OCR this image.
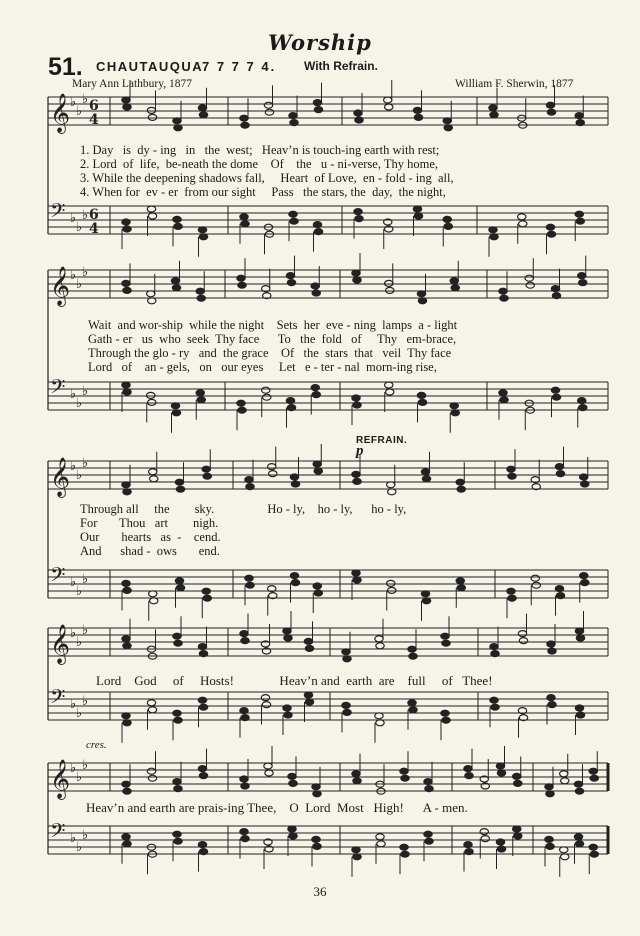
Worship
51. CHAUTAUQUA
7 7 7 7 4. With Refrain.
Mary Ann Lathbury, 1877	William F. Sherwin, 1877
𝄞 ♭
♭
♭ 6
4
𝄢 ♭
♭
♭ 6
4
𝄞 ♭
♭
♭
𝄢 ♭
♭
♭
𝄞 ♭
♭
♭
𝄢 ♭
♭
♭
𝄞 ♭
♭
♭
𝄢 ♭
♭
♭
𝄞 ♭
♭
♭
𝄢 ♭
♭
♭
1. Day   is  dy - ing   in   the  west;   Heav’n is touch-ing earth with rest;
2. Lord  of  life,  be-neath the dome    Of    the   u - ni-verse, Thy home,
3. While the deepening shadows fall,     Heart  of Love,  en - fold - ing  all,
4. When for  ev - er  from our sight     Pass   the stars, the  day,  the night,
Wait  and wor-ship  while the night    Sets  her  eve - ning  lamps  a - light
Gath - er   us  who  seek  Thy face      To   the  fold   of     Thy   em-brace,
Through the glo - ry   and  the grace    Of   the  stars  that   veil  Thy face
Lord   of    an - gels,   on   our eyes     Let   e - ter - nal  morn-ing rise,
REFRAIN.
p
Through all     the        sky.                 Ho - ly,    ho - ly,      ho - ly,
For       Thou   art        nigh.
Our       hearts   as  -    cend.
And      shad -  ows       end.
Lord    God     of     Hosts!              Heav’n and  earth  are    full     of   Thee!
cres.
Heav’n and earth are prais-ing Thee,    O  Lord  Most   High!      A - men.
36
